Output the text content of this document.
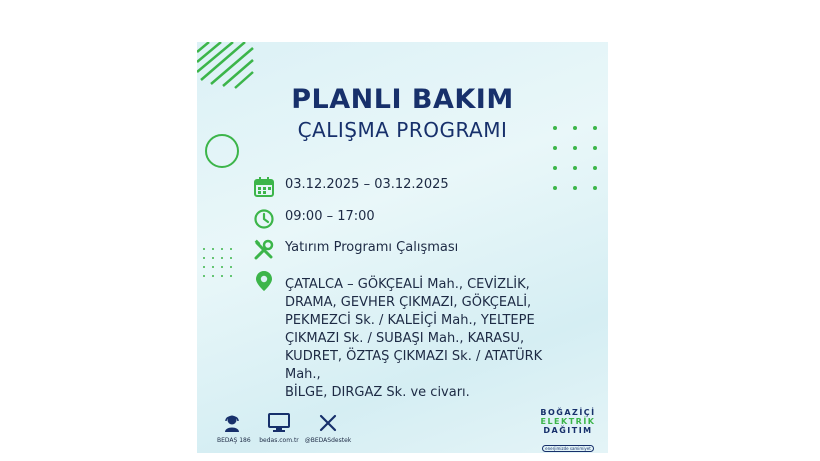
PLANLI BAKIM
ÇALIŞMA PROGRAMI
03.12.2025 – 03.12.2025
09:00 – 17:00
Yatırım Programı Çalışması
ÇATALCA – GÖKÇEALİ Mah., CEVİZLİK,
DRAMA, GEVHER ÇIKMAZI, GÖKÇEALİ,
PEKMEZCİ Sk. / KALEİÇİ Mah., YELTEPE
ÇIKMAZI Sk. / SUBAŞI Mah., KARASU,
KUDRET, ÖZTAŞ ÇIKMAZI Sk. / ATATÜRK Mah.,
BİLGE, DIRGAZ Sk. ve civarı.
BEDAŞ 186	bedas.com.tr @BEDASdestek
BOĞAZİÇİ
ELEKTRİK
DAĞITIM
enerjimizde samimiyet
